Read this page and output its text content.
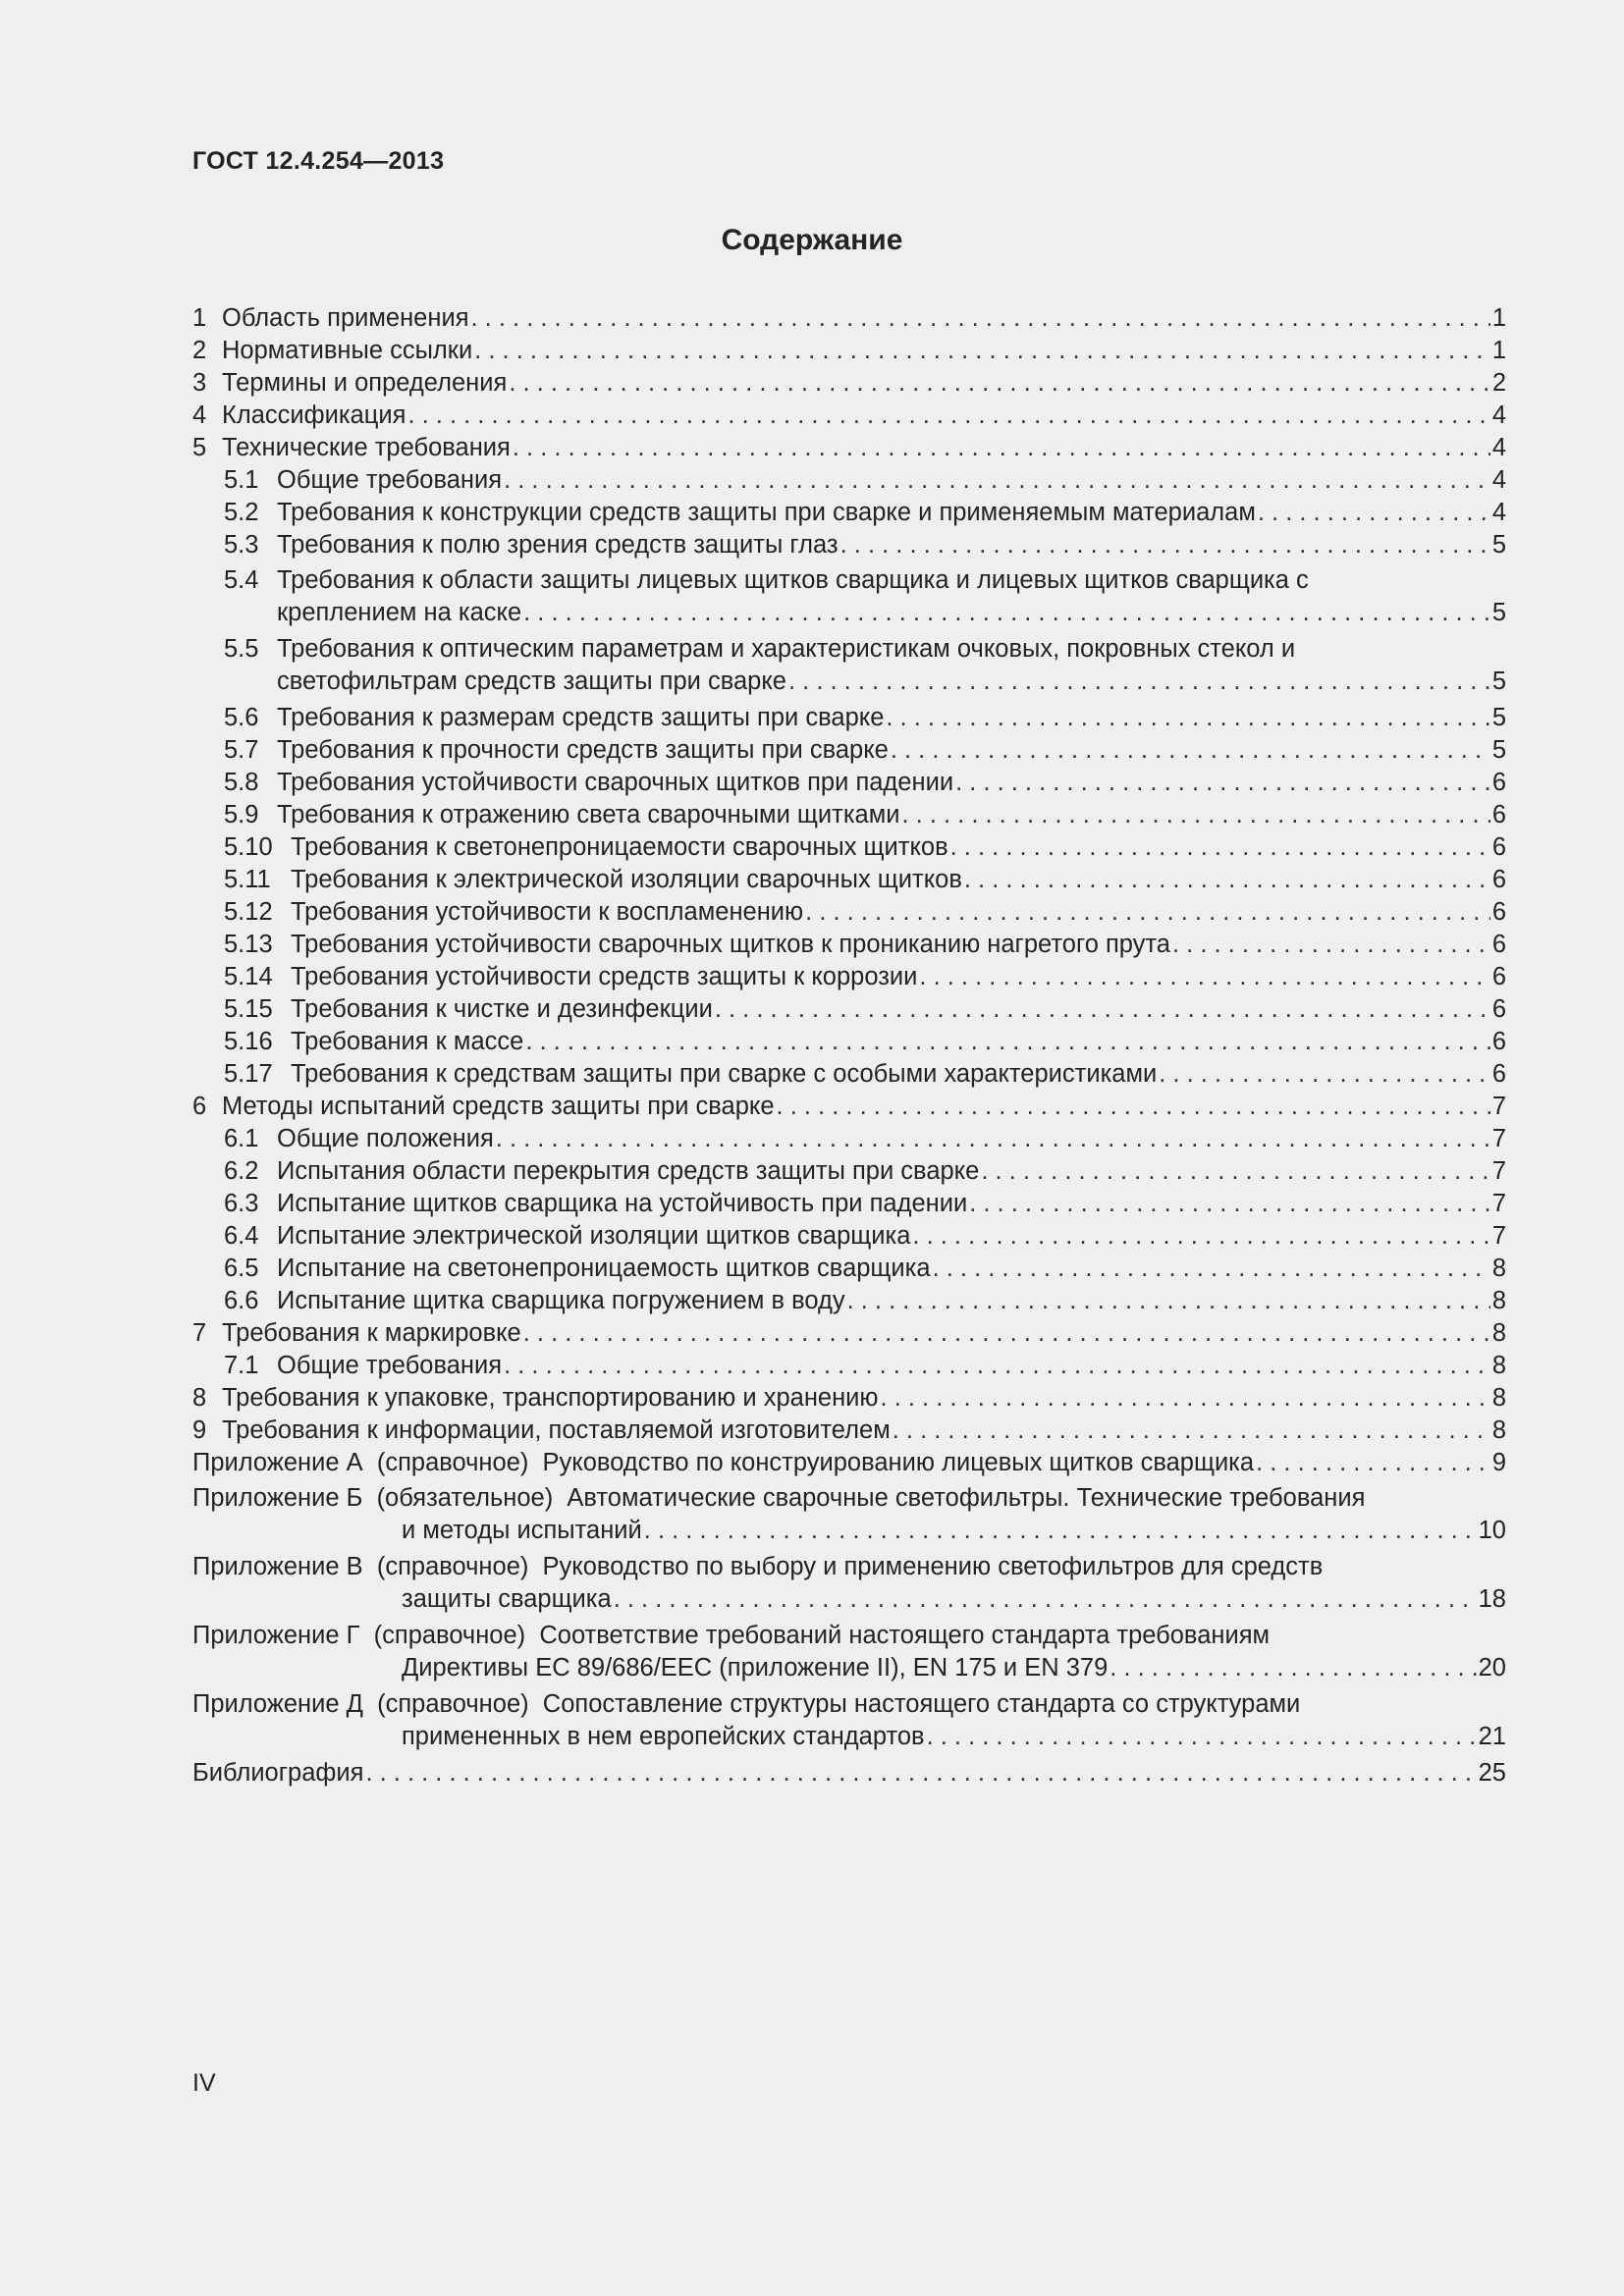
ГОСТ 12.4.254—2013
Содержание
1 Область применения . . .	1
2 Нормативные ссылки . . .	1
3 Термины и определения . . .	2
4 Классификация . . .	4
5 Технические требования . . .	4
5.1 Общие требования . . .	4
5.2 Требования к конструкции средств защиты при сварке и применяемым материалам . . .	4
5.3 Требования к полю зрения средств защиты глаз . . .	5
5.4 Требования к области защиты лицевых щитков сварщика и лицевых щитков сварщика с
креплением на каске . . .	5
5.5 Требования к оптическим параметрам и характеристикам очковых, покровных стекол и
светофильтрам средств защиты при сварке . . .	5
5.6 Требования к размерам средств защиты при сварке . . .	5
5.7 Требования к прочности средств защиты при сварке . . .	5
5.8 Требования устойчивости сварочных щитков при падении . . .	6
5.9 Требования к отражению света сварочными щитками . . .	6
5.10 Требования к светонепроницаемости сварочных щитков . . .	6
5.11 Требования к электрической изоляции сварочных щитков . . .	6
5.12 Требования устойчивости к воспламенению . . .	6
5.13 Требования устойчивости сварочных щитков к прониканию нагретого прута . . .	6
5.14 Требования устойчивости средств защиты к коррозии . . .	6
5.15 Требования к чистке и дезинфекции . . .	6
5.16 Требования к массе . . .	6
5.17 Требования к средствам защиты при сварке с особыми характеристиками . . .	6
6 Методы испытаний средств защиты при сварке . . .	7
6.1 Общие положения . . .	7
6.2 Испытания области перекрытия средств защиты при сварке . . .	7
6.3 Испытание щитков сварщика на устойчивость при падении . . .	7
6.4 Испытание электрической изоляции щитков сварщика . . .	7
6.5 Испытание на светонепроницаемость щитков сварщика . . .	8
6.6 Испытание щитка сварщика погружением в воду . . .	8
7 Требования к маркировке . . .	8
7.1 Общие требования . . .	8
8 Требования к упаковке, транспортированию и хранению . . .	8
9 Требования к информации, поставляемой изготовителем . . .	8
Приложение А (справочное) Руководство по конструированию лицевых щитков сварщика . . .	9
Приложение Б (обязательное) Автоматические сварочные светофильтры. Технические требования
и методы испытаний . . .	10
Приложение В (справочное) Руководство по выбору и применению светофильтров для средств
защиты сварщика . . .	18
Приложение Г (справочное) Соответствие требований настоящего стандарта требованиям
Директивы ЕС 89/686/ЕЕС (приложение II), EN 175 и EN 379 . . .	20
Приложение Д (справочное) Сопоставление структуры настоящего стандарта со структурами
примененных в нем европейских стандартов . . .	21
Библиография . . .	25
IV
